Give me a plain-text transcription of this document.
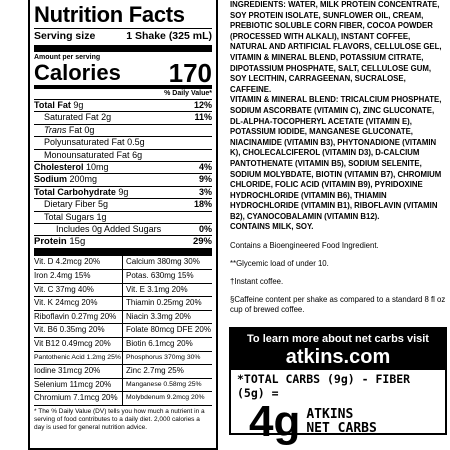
Nutrition Facts
Serving size	1 Shake (325 mL)
Amount per serving
Calories 170
% Daily Value*
Total Fat 9g	12%
Saturated Fat 2g	11%
Trans Fat 0g
Polyunsaturated Fat 0.5g
Monounsaturated Fat 6g
Cholesterol 10mg	4%
Sodium 200mg	9%
Total Carbohydrate 9g	3%
Dietary Fiber 5g	18%
Total Sugars 1g
Includes 0g Added Sugars	0%
Protein 15g	29%
Vit. D 4.2mcg 20%	Calcium 380mg 30%
Iron 2.4mg 15%	Potas. 630mg 15%
Vit. C 37mg 40%	Vit. E 3.1mg 20%
Vit. K 24mcg 20%	Thiamin 0.25mg 20%
Riboflavin 0.27mg 20%	Niacin 3.3mg 20%
Vit. B6 0.35mg 20%	Folate 80mcg DFE 20%
Vit B12 0.49mcg 20%	Biotin 6.1mcg 20%
Pantothenic Acid 1.2mg 25% Phosphorus 370mg 30%
Iodine 31mcg 20%	Zinc 2.7mg 25%
Selenium 11mcg 20%	Manganese 0.58mg 25%
Chromium 7.1mcg 20%	Molybdenum 9.2mcg 20%
* The % Daily Value (DV) tells you how much a nutrient in a serving of food contributes to a daily diet. 2,000 calories a day is used for general nutrition advice.

INGREDIENTS: WATER, MILK PROTEIN CONCENTRATE, SOY PROTEIN ISOLATE, SUNFLOWER OIL, CREAM, PREBIOTIC SOLUBLE CORN FIBER, COCOA POWDER (PROCESSED WITH ALKALI), INSTANT COFFEE, NATURAL AND ARTIFICIAL FLAVORS, CELLULOSE GEL, VITAMIN & MINERAL BLEND, POTASSIUM CITRATE, DIPOTASSIUM PHOSPHATE, SALT, CELLULOSE GUM, SOY LECITHIN, CARRAGEENAN, SUCRALOSE, CAFFEINE.

VITAMIN & MINERAL BLEND: TRICALCIUM PHOSPHATE, SODIUM ASCORBATE (VITAMIN C), ZINC GLUCONATE, DL-ALPHA-TOCOPHERYL ACETATE (VITAMIN E), POTASSIUM IODIDE, MANGANESE GLUCONATE, NIACINAMIDE (VITAMIN B3), PHYTONADIONE (VITAMIN K), CHOLECALCIFEROL (VITAMIN D3), D-CALCIUM PANTOTHENATE (VITAMIN B5), SODIUM SELENITE, SODIUM MOLYBDATE, BIOTIN (VITAMIN B7), CHROMIUM CHLORIDE, FOLIC ACID (VITAMIN B9), PYRIDOXINE HYDROCHLORIDE (VITAMIN B6), THIAMIN HYDROCHLORIDE (VITAMIN B1), RIBOFLAVIN (VITAMIN B2), CYANOCOBALAMIN (VITAMIN B12).

CONTAINS MILK, SOY.

Contains a Bioengineered Food Ingredient.

**Glycemic load of under 10.

†Instant coffee.

§Caffeine content per shake as compared to a standard 8 fl oz cup of brewed coffee.

To learn more about net carbs visit
atkins.com
*TOTAL CARBS (9g) - FIBER (5g) =
4g ATKINS
NET CARBS
